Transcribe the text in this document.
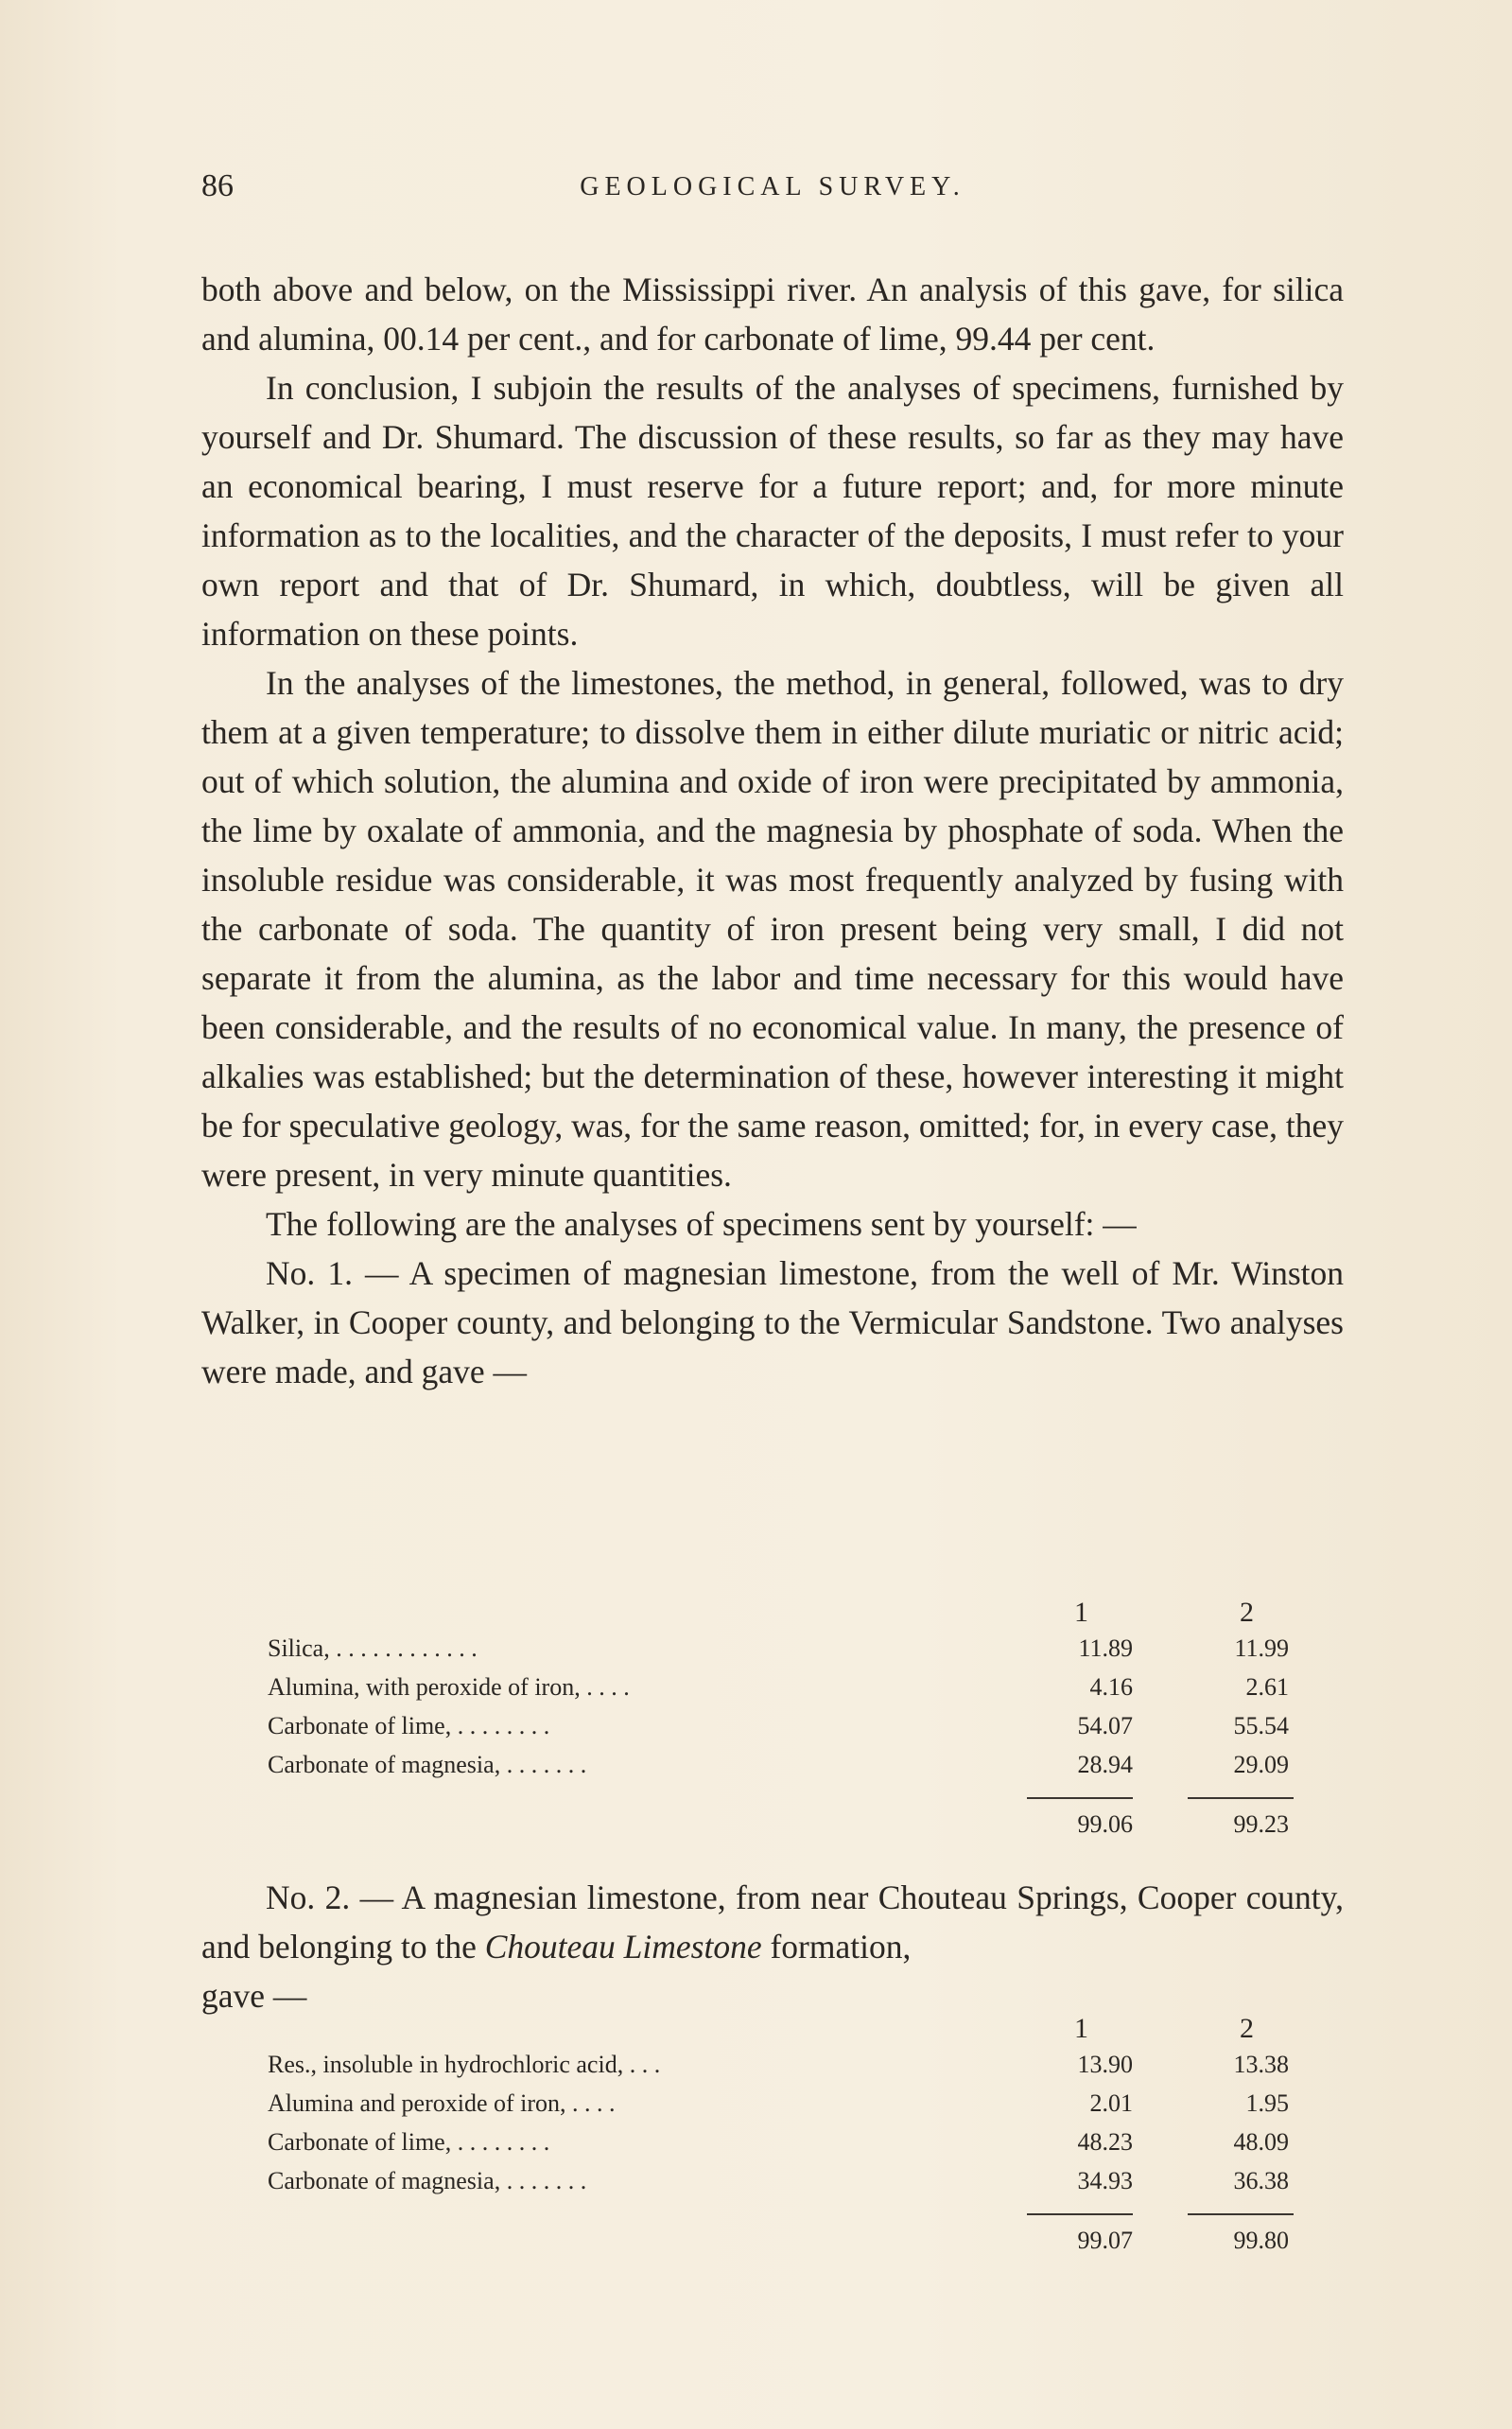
86	GEOLOGICAL SURVEY.

both above and below, on the Mississippi river. An analysis of this gave, for silica and alumina, 00.14 per cent., and for carbonate of lime, 99.44 per cent.

In conclusion, I subjoin the results of the analyses of specimens, furnished by yourself and Dr. Shumard. The discussion of these results, so far as they may have an economical bearing, I must reserve for a future report; and, for more minute information as to the localities, and the character of the deposits, I must refer to your own report and that of Dr. Shumard, in which, doubtless, will be given all information on these points.

In the analyses of the limestones, the method, in general, followed, was to dry them at a given temperature; to dissolve them in either dilute muriatic or nitric acid; out of which solution, the alumina and oxide of iron were precipitated by ammonia, the lime by oxalate of ammonia, and the magnesia by phosphate of soda. When the insoluble residue was considerable, it was most frequently analyzed by fusing with the carbonate of soda. The quantity of iron present being very small, I did not separate it from the alumina, as the labor and time necessary for this would have been considerable, and the results of no economical value. In many, the presence of alkalies was established; but the determination of these, however interesting it might be for speculative geology, was, for the same reason, omitted; for, in every case, they were present, in very minute quantities.

The following are the analyses of specimens sent by yourself: —

No. 1. — A specimen of magnesian limestone, from the well of Mr. Winston Walker, in Cooper county, and belonging to the Vermicular Sandstone. Two analyses were made, and gave —

1	2
Silica, . . . . . . . . . . . .	11.89	11.99
Alumina, with peroxide of iron, . . . .	4.16	2.61
Carbonate of lime, . . . . . . . .	54.07	55.54
Carbonate of magnesia, . . . . . . .	28.94	29.09
99.06	99.23

No. 2. — A magnesian limestone, from near Chouteau Springs, Cooper county, and belonging to the Chouteau Limestone formation,

gave —

1	2
Res., insoluble in hydrochloric acid, . . .	13.90	13.38
Alumina and peroxide of iron, . . . .	2.01	1.95
Carbonate of lime, . . . . . . . .	48.23	48.09
Carbonate of magnesia, . . . . . . .	34.93	36.38
99.07	99.80
